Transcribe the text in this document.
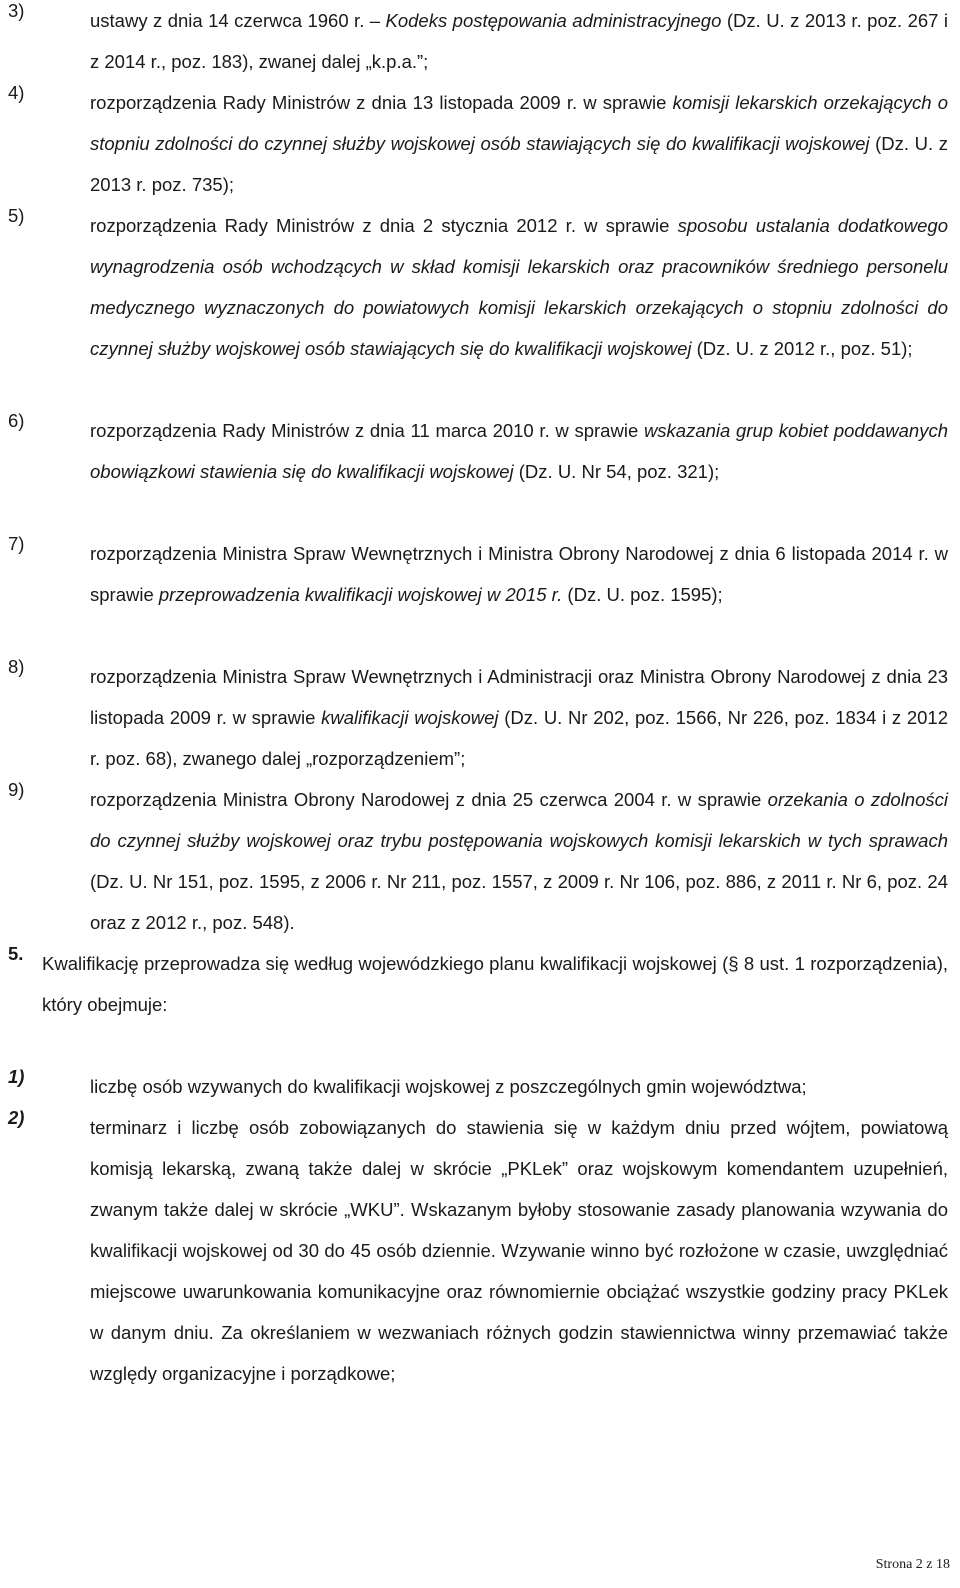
3)	ustawy z dnia 14 czerwca 1960 r. – Kodeks postępowania administracyjnego (Dz. U. z 2013 r. poz. 267 i z 2014 r., poz. 183), zwanej dalej „k.p.a.”;

4)	rozporządzenia Rady Ministrów z dnia 13 listopada 2009 r. w sprawie komisji lekarskich orzekających o stopniu zdolności do czynnej służby wojskowej osób stawiających się do kwalifikacji wojskowej (Dz. U. z 2013 r. poz. 735);

5)	rozporządzenia Rady Ministrów z dnia 2 stycznia 2012 r. w sprawie sposobu ustalania dodatkowego wynagrodzenia osób wchodzących w skład komisji lekarskich oraz pracowników średniego personelu medycznego wyznaczonych do powiatowych komisji lekarskich orzekających o stopniu zdolności do czynnej służby wojskowej osób stawiających się do kwalifikacji wojskowej (Dz. U. z 2012 r., poz. 51);

6)	rozporządzenia Rady Ministrów z dnia 11 marca 2010 r. w sprawie wskazania grup kobiet poddawanych obowiązkowi stawienia się do kwalifikacji wojskowej (Dz. U. Nr 54, poz. 321);

7)	rozporządzenia Ministra Spraw Wewnętrznych i Ministra Obrony Narodowej z dnia 6 listopada 2014 r. w sprawie przeprowadzenia kwalifikacji wojskowej w 2015 r. (Dz. U. poz. 1595);

8)	rozporządzenia Ministra Spraw Wewnętrznych i Administracji oraz Ministra Obrony Narodowej z dnia 23 listopada 2009 r. w sprawie kwalifikacji wojskowej (Dz. U. Nr 202, poz. 1566, Nr 226, poz. 1834 i z 2012 r. poz. 68), zwanego dalej „rozporządzeniem”;

9)	rozporządzenia Ministra Obrony Narodowej z dnia 25 czerwca 2004 r. w sprawie orzekania o zdolności do czynnej służby wojskowej oraz trybu postępowania wojskowych komisji lekarskich w tych sprawach (Dz. U. Nr 151, poz. 1595, z 2006 r. Nr 211, poz. 1557, z 2009 r. Nr 106, poz. 886, z 2011 r. Nr 6, poz. 24 oraz z 2012 r., poz. 548).

5. Kwalifikację przeprowadza się według wojewódzkiego planu kwalifikacji wojskowej (§ 8 ust. 1 rozporządzenia), który obejmuje:

1)	liczbę osób wzywanych do kwalifikacji wojskowej z poszczególnych gmin województwa;

2)	terminarz i liczbę osób zobowiązanych do stawienia się w każdym dniu przed wójtem, powiatową komisją lekarską, zwaną także dalej w skrócie „PKLek” oraz wojskowym komendantem uzupełnień, zwanym także dalej w skrócie „WKU”. Wskazanym byłoby stosowanie zasady planowania wzywania do kwalifikacji wojskowej od 30 do 45 osób dziennie. Wzywanie winno być rozłożone w czasie, uwzględniać miejscowe uwarunkowania komunikacyjne oraz równomiernie obciążać wszystkie godziny pracy PKLek w danym dniu. Za określaniem w wezwaniach różnych godzin stawiennictwa winny przemawiać także względy organizacyjne i porządkowe;

Strona 2 z 18
